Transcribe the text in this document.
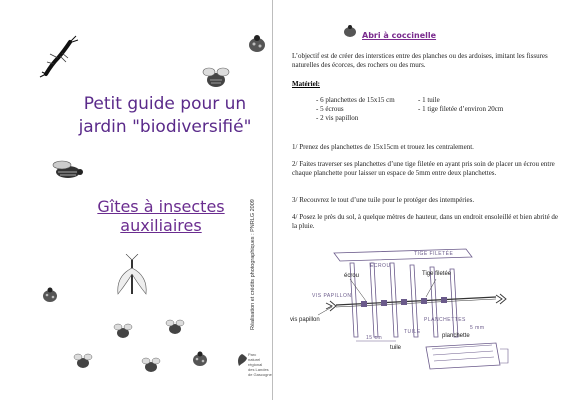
Petit guide pour un
jardin "biodiversifié"
Gîtes à insectes auxiliaires	Réalisation et crédits photographiques : PNRLG 2009
Parc
naturel
régional
des Landes
de Gascogne
Abri à coccinelle
L’objectif est de créer des interstices entre des planches ou des ardoises, imitant les fissures naturelles des écorces, des rochers ou des murs.
Matériel:
- 6 planchettes de 15x15 cm
- 5 écrous
- 2 vis papillon
- 1 tuile
- 1 tige filetée d’environ 20cm
1/ Prenez des planchettes de 15x15cm et trouez les centralement.
2/ Faites traverser ses planchettes d’une tige filetée en ayant pris soin de placer un écrou entre chaque planchette pour laisser un espace de 5mm entre deux planchettes.
3/ Recouvrez le tout d’une tuile pour le protéger des intempéries.
4/ Posez le près du sol, à quelque mètres de hauteur, dans un endroit ensoleillé et bien abrité de la pluie.
TIGE FILETÉE
ÉCROU
VIS PAPILLON
PLANCHETTES
TUILE
15 cm
5 mm
écrou	Tige filetée
vis papillon
planchette
tuile
